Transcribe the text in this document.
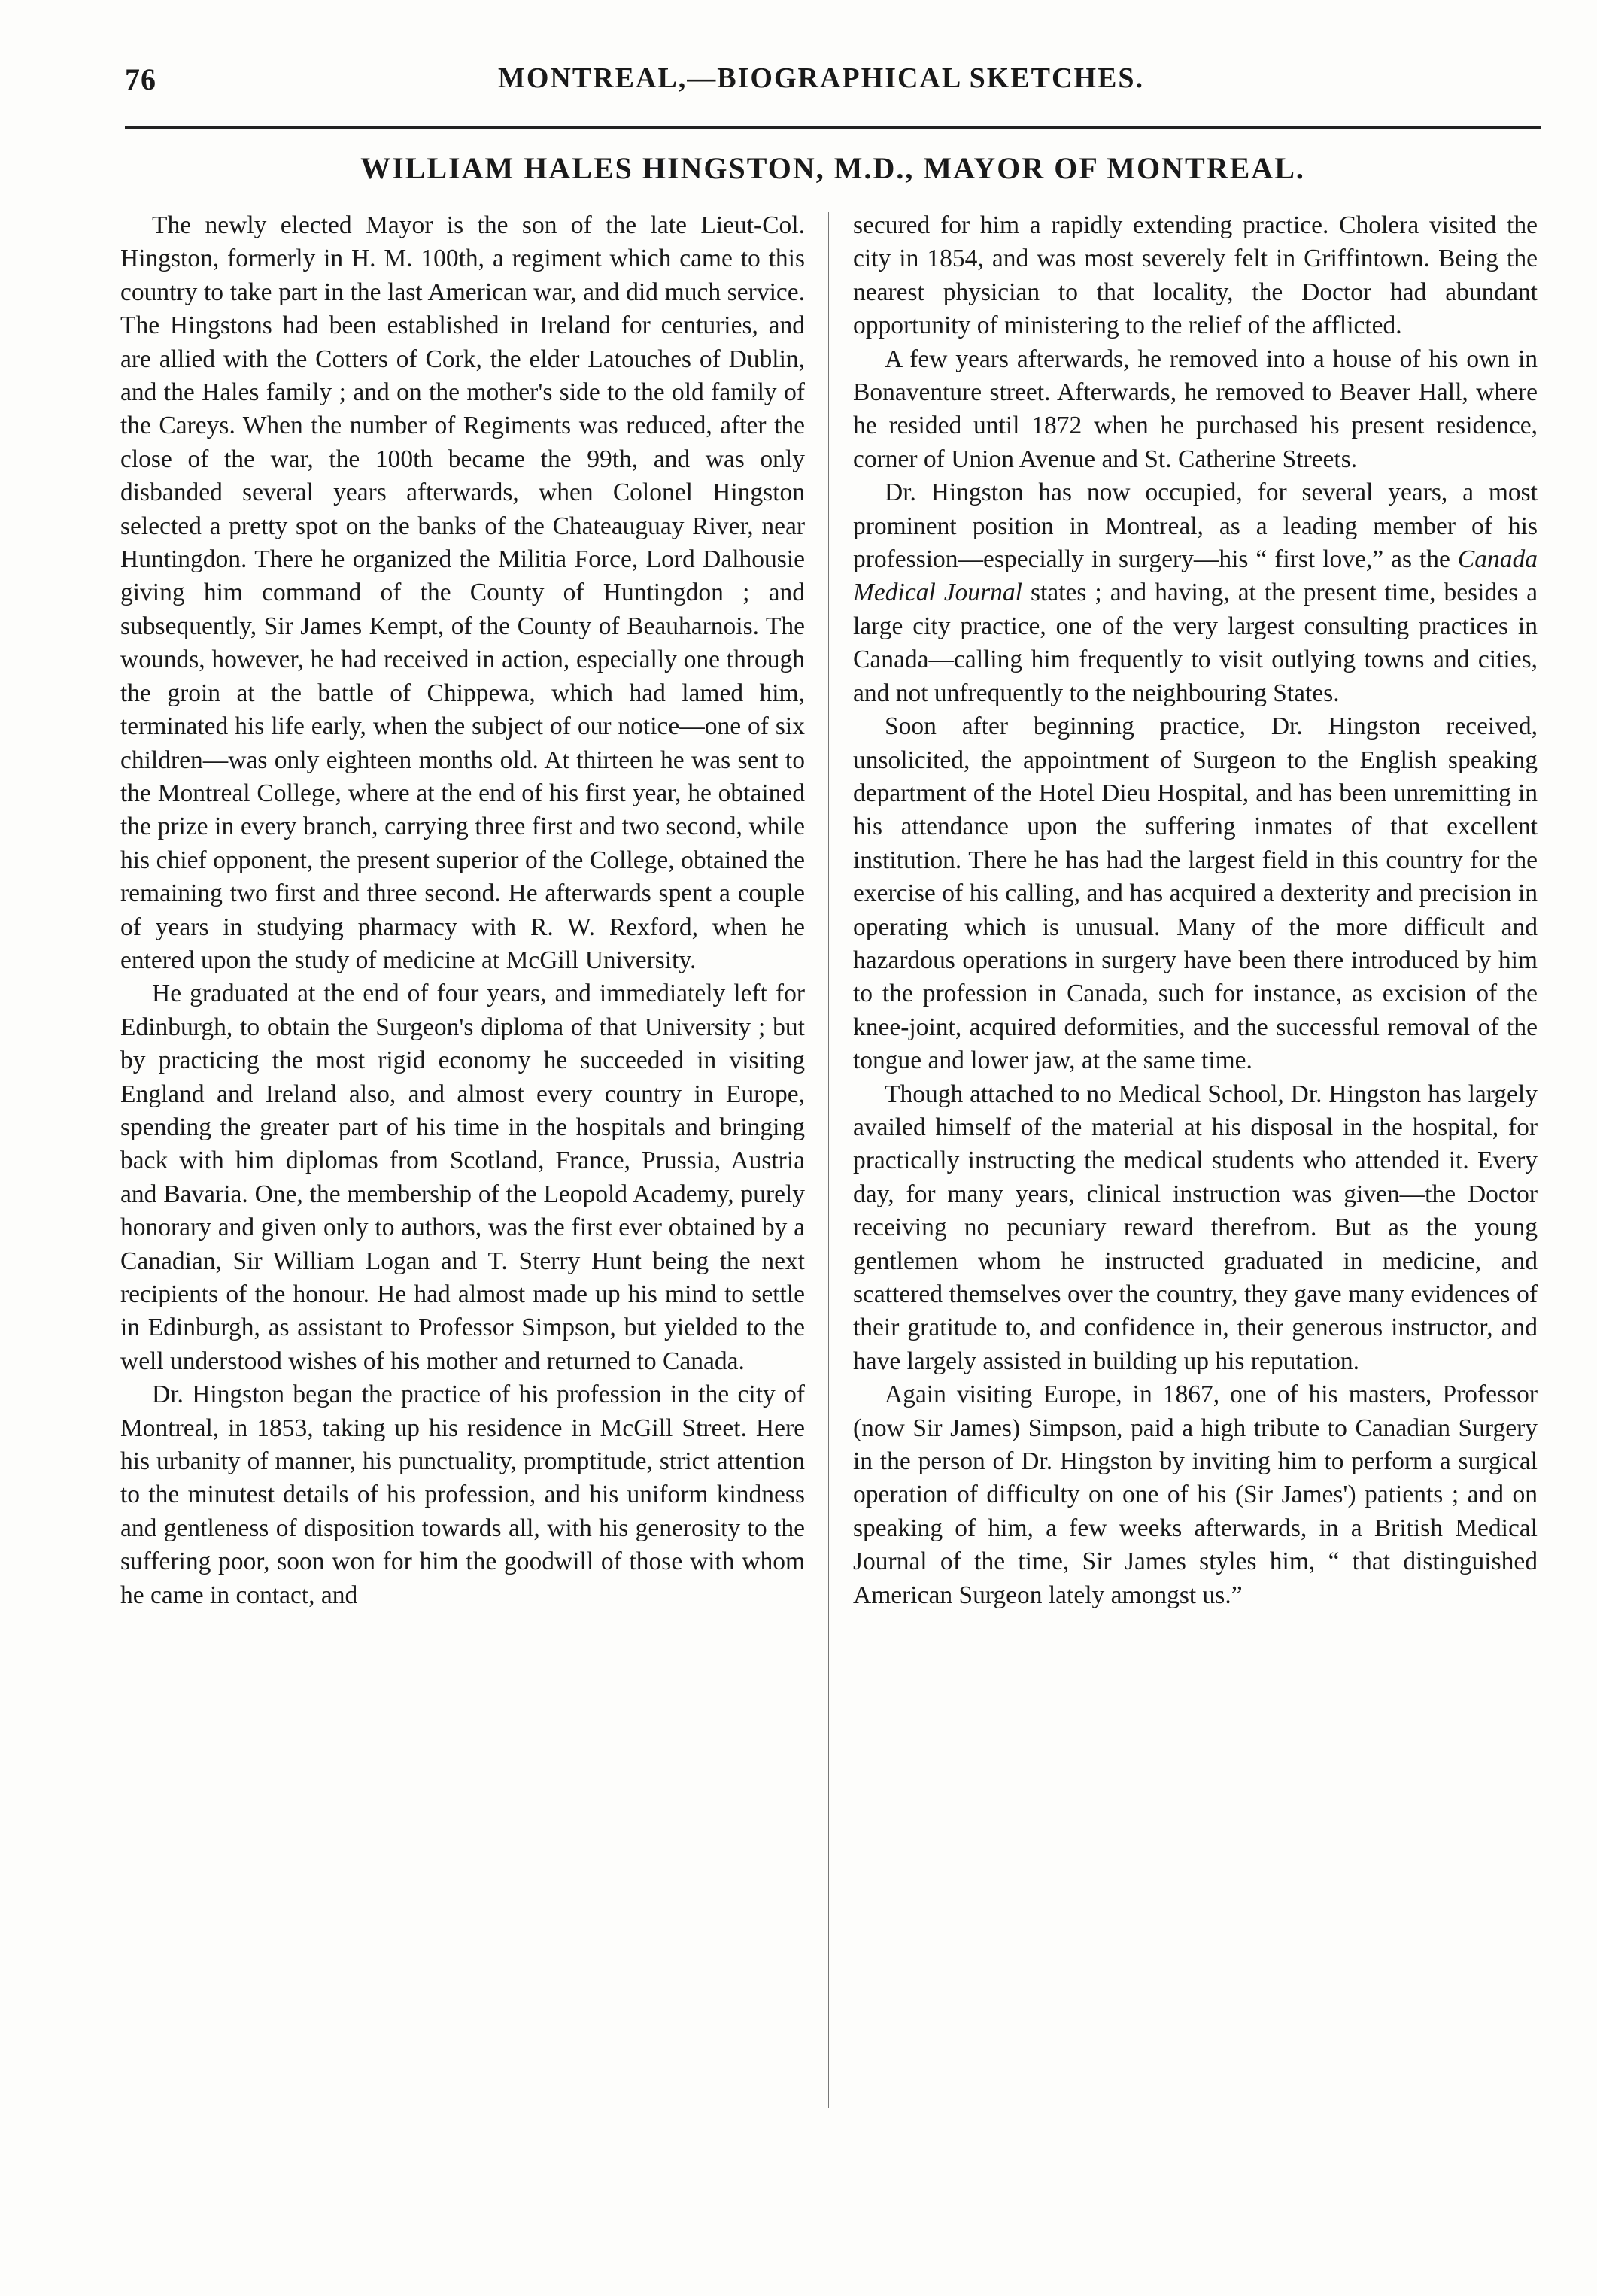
76	MONTREAL,—BIOGRAPHICAL SKETCHES.
WILLIAM HALES HINGSTON, M.D., MAYOR OF MONTREAL.

The newly elected Mayor is the son of the late Lieut-Col. Hingston, formerly in H. M. 100th, a regiment which came to this country to take part in the last American war, and did much service. The Hingstons had been established in Ireland for centuries, and are allied with the Cotters of Cork, the elder Latouches of Dublin, and the Hales family ; and on the mother's side to the old family of the Careys. When the number of Regiments was reduced, after the close of the war, the 100th became the 99th, and was only disbanded several years afterwards, when Colonel Hingston selected a pretty spot on the banks of the Chateauguay River, near Huntingdon. There he organized the Militia Force, Lord Dalhousie giving him command of the County of Huntingdon ; and subsequently, Sir James Kempt, of the County of Beauharnois. The wounds, however, he had received in action, especially one through the groin at the battle of Chippewa, which had lamed him, terminated his life early, when the subject of our notice—one of six children—was only eighteen months old. At thirteen he was sent to the Montreal College, where at the end of his first year, he obtained the prize in every branch, carrying three first and two second, while his chief opponent, the present superior of the College, obtained the remaining two first and three second. He afterwards spent a couple of years in studying pharmacy with R. W. Rexford, when he entered upon the study of medicine at McGill University.

He graduated at the end of four years, and immediately left for Edinburgh, to obtain the Surgeon's diploma of that University ; but by practicing the most rigid economy he succeeded in visiting England and Ireland also, and almost every country in Europe, spending the greater part of his time in the hospitals and bringing back with him diplomas from Scotland, France, Prussia, Austria and Bavaria. One, the membership of the Leopold Academy, purely honorary and given only to authors, was the first ever obtained by a Canadian, Sir William Logan and T. Sterry Hunt being the next recipients of the honour. He had almost made up his mind to settle in Edinburgh, as assistant to Professor Simpson, but yielded to the well understood wishes of his mother and returned to Canada.

Dr. Hingston began the practice of his profession in the city of Montreal, in 1853, taking up his residence in McGill Street. Here his urbanity of manner, his punctuality, promptitude, strict attention to the minutest details of his profession, and his uniform kindness and gentleness of disposition towards all, with his generosity to the suffering poor, soon won for him the goodwill of those with whom he came in contact, and

secured for him a rapidly extending practice. Cholera visited the city in 1854, and was most severely felt in Griffintown. Being the nearest physician to that locality, the Doctor had abundant opportunity of ministering to the relief of the afflicted.

A few years afterwards, he removed into a house of his own in Bonaventure street. Afterwards, he removed to Beaver Hall, where he resided until 1872 when he purchased his present residence, corner of Union Avenue and St. Catherine Streets.

Dr. Hingston has now occupied, for several years, a most prominent position in Montreal, as a leading member of his profession—especially in surgery—his “ first love,” as the Canada Medical Journal states ; and having, at the present time, besides a large city practice, one of the very largest consulting practices in Canada—calling him frequently to visit outlying towns and cities, and not unfrequently to the neighbouring States.

Soon after beginning practice, Dr. Hingston received, unsolicited, the appointment of Surgeon to the English speaking department of the Hotel Dieu Hospital, and has been unremitting in his attendance upon the suffering inmates of that excellent institution. There he has had the largest field in this country for the exercise of his calling, and has acquired a dexterity and precision in operating which is unusual. Many of the more difficult and hazardous operations in surgery have been there introduced by him to the profession in Canada, such for instance, as excision of the knee-joint, acquired deformities, and the successful removal of the tongue and lower jaw, at the same time.

Though attached to no Medical School, Dr. Hingston has largely availed himself of the material at his disposal in the hospital, for practically instructing the medical students who attended it. Every day, for many years, clinical instruction was given—the Doctor receiving no pecuniary reward therefrom. But as the young gentlemen whom he instructed graduated in medicine, and scattered themselves over the country, they gave many evidences of their gratitude to, and confidence in, their generous instructor, and have largely assisted in building up his reputation.

Again visiting Europe, in 1867, one of his masters, Professor (now Sir James) Simpson, paid a high tribute to Canadian Surgery in the person of Dr. Hingston by inviting him to perform a surgical operation of difficulty on one of his (Sir James') patients ; and on speaking of him, a few weeks afterwards, in a British Medical Journal of the time, Sir James styles him, “ that distinguished American Surgeon lately amongst us.”
